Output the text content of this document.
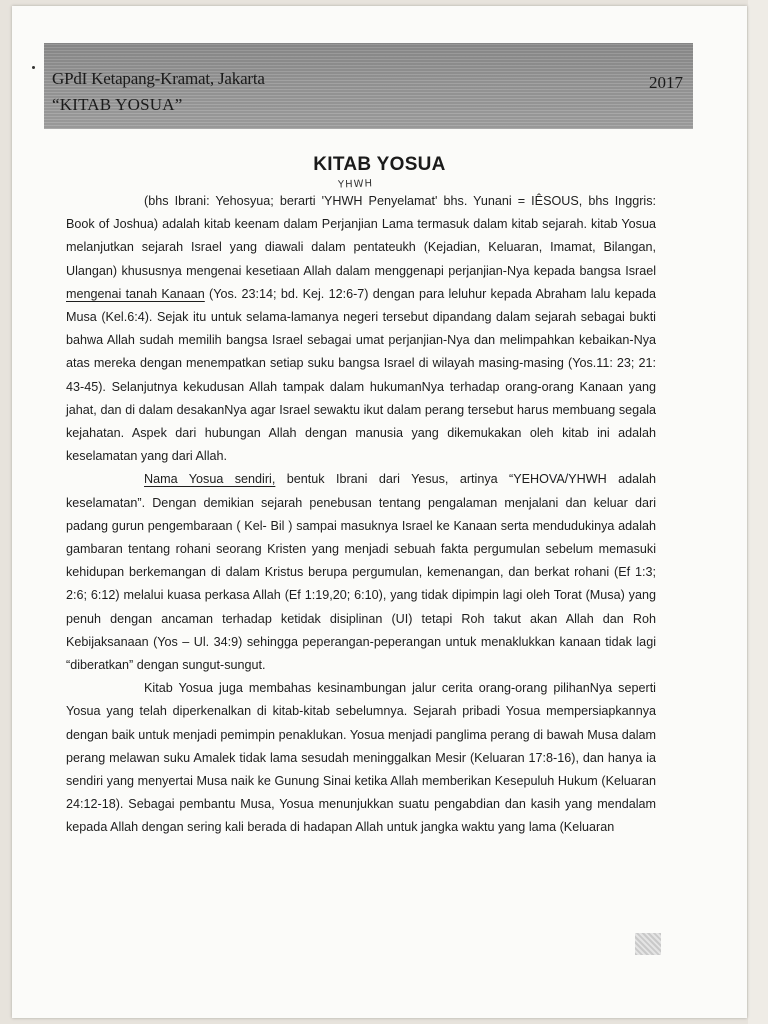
GPdI Ketapang-Kramat, Jakarta
“KITAB YOSUA”
2017
KITAB YOSUA
YHWH

(bhs Ibrani: Yehosyua; berarti 'YHWH Penyelamat' bhs. Yunani = IÊSOUS, bhs Inggris: Book of Joshua) adalah kitab keenam dalam Perjanjian Lama termasuk dalam kitab sejarah. kitab Yosua melanjutkan sejarah Israel yang diawali dalam pentateukh (Kejadian, Keluaran, Imamat, Bilangan, Ulangan) khususnya mengenai kesetiaan Allah dalam menggenapi perjanjian-Nya kepada bangsa Israel mengenai tanah Kanaan (Yos. 23:14; bd. Kej. 12:6-7) dengan para leluhur kepada Abraham lalu kepada Musa (Kel.6:4). Sejak itu untuk selama-lamanya negeri tersebut dipandang dalam sejarah sebagai bukti bahwa Allah sudah memilih bangsa Israel sebagai umat perjanjian-Nya dan melimpahkan kebaikan-Nya atas mereka dengan menempatkan setiap suku bangsa Israel di wilayah masing-masing (Yos.11: 23; 21: 43-45). Selanjutnya kekudusan Allah tampak dalam hukumanNya terhadap orang-orang Kanaan yang jahat, dan di dalam desakanNya agar Israel sewaktu ikut dalam perang tersebut harus membuang segala kejahatan. Aspek dari hubungan Allah dengan manusia yang dikemukakan oleh kitab ini adalah keselamatan yang dari Allah.

Nama Yosua sendiri, bentuk Ibrani dari Yesus, artinya “YEHOVA/YHWH adalah keselamatan”. Dengan demikian sejarah penebusan tentang pengalaman menjalani dan keluar dari padang gurun pengembaraan ( Kel- Bil ) sampai masuknya Israel ke Kanaan serta mendudukinya adalah gambaran tentang rohani seorang Kristen yang menjadi sebuah fakta pergumulan sebelum memasuki kehidupan berkemangan di dalam Kristus berupa pergumulan, kemenangan, dan berkat rohani (Ef 1:3; 2:6; 6:12) melalui kuasa perkasa Allah (Ef 1:19,20; 6:10), yang tidak dipimpin lagi oleh Torat (Musa) yang penuh dengan ancaman terhadap ketidak disiplinan (UI) tetapi Roh takut akan Allah dan Roh Kebijaksanaan (Yos – Ul. 34:9) sehingga peperangan-peperangan untuk menaklukkan kanaan tidak lagi “diberatkan” dengan sungut-sungut.

Kitab Yosua juga membahas kesinambungan jalur cerita orang-orang pilihanNya seperti Yosua yang telah diperkenalkan di kitab-kitab sebelumnya. Sejarah pribadi Yosua mempersiapkannya dengan baik untuk menjadi pemimpin penaklukan. Yosua menjadi panglima perang di bawah Musa dalam perang melawan suku Amalek tidak lama sesudah meninggalkan Mesir (Keluaran 17:8-16), dan hanya ia sendiri yang menyertai Musa naik ke Gunung Sinai ketika Allah memberikan Kesepuluh Hukum (Keluaran 24:12-18). Sebagai pembantu Musa, Yosua menunjukkan suatu pengabdian dan kasih yang mendalam kepada Allah dengan sering kali berada di hadapan Allah untuk jangka waktu yang lama (Keluaran
